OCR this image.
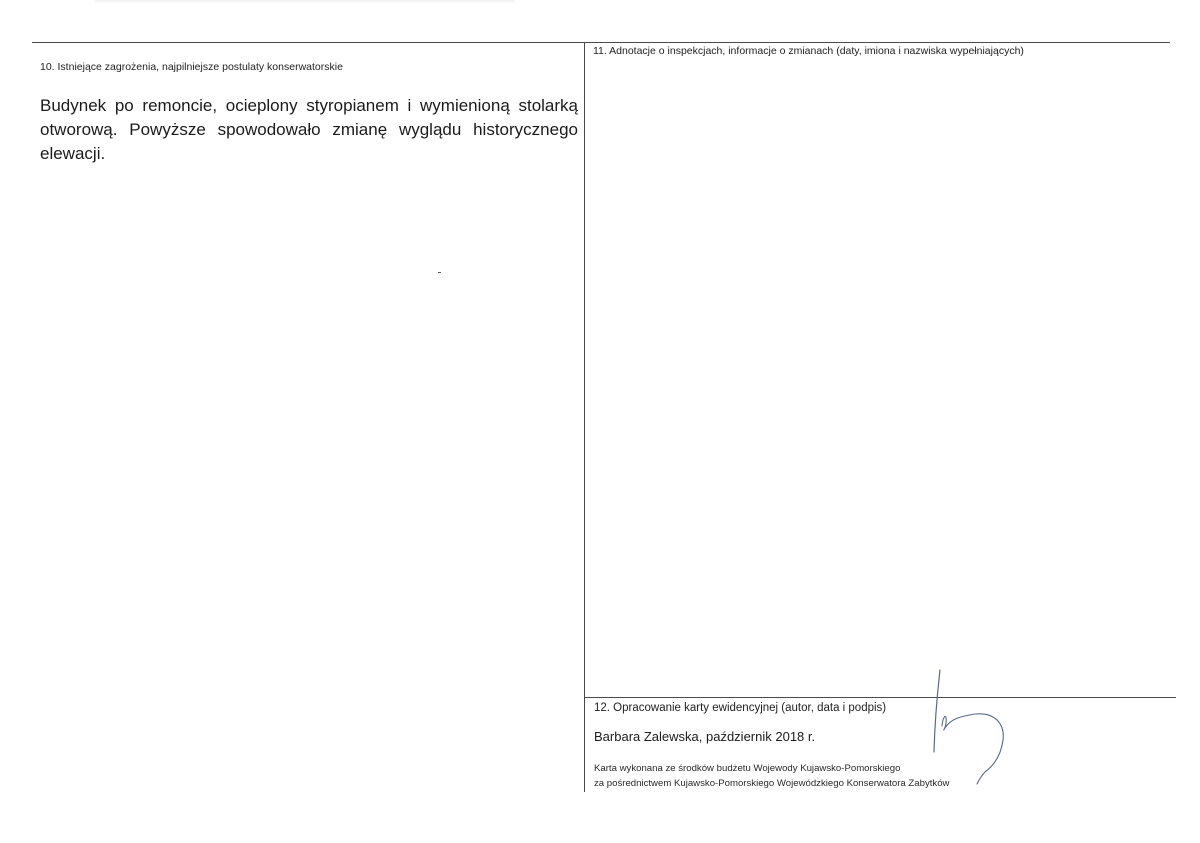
10. Istniejące zagrożenia, najpilniejsze postulaty konserwatorskie
Budynek po remoncie, ocieplony styropianem i wymienioną stolarką otworową. Powyższe spowodowało zmianę wyglądu historycznego elewacji.
11. Adnotacje o inspekcjach, informacje o zmianach (daty, imiona i nazwiska wypełniających)
12. Opracowanie karty ewidencyjnej (autor, data i podpis)
Barbara Zalewska, październik 2018 r.
Karta wykonana ze środków budżetu Wojewody Kujawsko-Pomorskiego
za pośrednictwem Kujawsko-Pomorskiego Wojewódzkiego Konserwatora Zabytków
